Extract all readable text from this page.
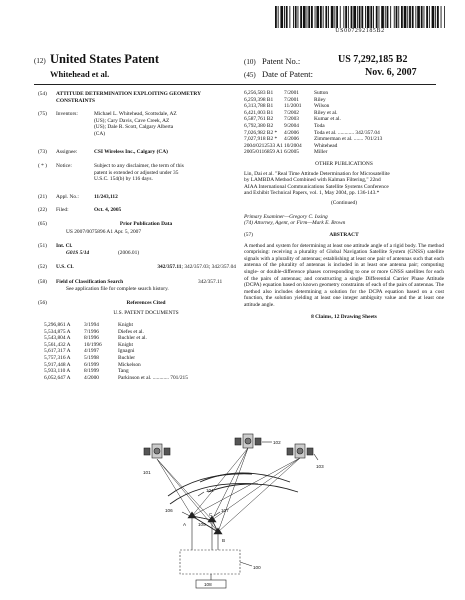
US007292185B2
(12) United States Patent
Whitehead et al.
(10) Patent No.:	US 7,292,185 B2
(45) Date of Patent:	Nov. 6, 2007
(54)	ATTITUDE DETERMINATION EXPLOITING GEOMETRY CONSTRAINTS
(75)	Inventors:	Michael L. Whitehead, Scottsdale, AZ
(US); Cary Davis, Cave Creek, AZ
(US); Dale R. Scott, Calgary Alberta
(CA)
(73)	Assignee:	CSI Wireless Inc., Calgary (CA)
( * )	Notice:	Subject to any disclaimer, the term of this
patent is extended or adjusted under 35
U.S.C. 154(b) by 116 days.
(21)	Appl. No.:	11/243,112
(22)	Filed:	Oct. 4, 2005
(65)	Prior Publication Data
US 2007/0075896 A1 Apr. 5, 2007
(51)	Int. Cl.
G01S 5/14	(2006.01)
(52)	U.S. Cl.	342/357.11; 342/357.03; 342/357.04
(58)	Field of Classification Search	342/357.11
See application file for complete search history.
(56)	References Cited
U.S. PATENT DOCUMENTS
5,296,861 A	3/1994	Knight
5,534,875 A	7/1996	Diefes et al.
5,543,804 A	8/1996	Buchler et al.
5,561,432 A	10/1996	Knight
5,617,317 A	4/1997	Ignagni
5,757,316 A	5/1998	Buchler
5,917,448 A	6/1999	Mickelson
5,933,110 A	8/1999	Tang
6,052,647 A	4/2000	Parkinson et al. ............ 701/215
6,256,583 B1	7/2001	Sutton
6,259,398 B1	7/2001	Riley
6,313,788 B1	11/2001	Wilson
6,421,003 B1	7/2002	Riley et al.
6,587,761 B2	7/2003	Kumar et al.
6,792,380 B2	9/2004	Toda
7,026,982 B2 *	4/2006	Toda et al. ............ 342/357.04
7,027,918 B2 *	4/2006	Zimmerman et al. ....... 701/213
2004/0212533 A1 10/2004	Whitehead
2005/0116859 A1 6/2005	Miller
OTHER PUBLICATIONS
Lin, Dai et al. "Real Time Attitude Determination for Microsatellite
by LAMBDA Method Combined with Kalman Filtering," 22nd
AIAA International Communications Satellite Systems Conference
and Exhibit Technical Papers, vol. 1, May 2004, pp. 136-143.*
(Continued)
Primary Examiner—Gregory C. Issing
(74) Attorney, Agent, or Firm—Mark E. Brown
(57)	ABSTRACT
A method and system for determining at least one attitude angle of a rigid body. The method comprising: receiving a plurality of Global Navigation Satellite System (GNSS) satellite signals with a plurality of antennas; establishing at least one pair of antennas such that each antenna of the plurality of antennas is included in at least one antenna pair; computing single- or double-difference phases corresponding to one or more GNSS satellites for each of the pairs of antennas; and constructing a single Differential Carrier Phase Attitude (DCPA) equation based on known geometry constraints of each of the pairs of antennas. The method also includes determining a solution for the DCPA equation based on a cost function, the solution yielding at least one integer ambiguity value and the at least one attitude angle.
8 Claims, 12 Drawing Sheets
102
103
104
101
106	107
105
A
B
C
100
108
